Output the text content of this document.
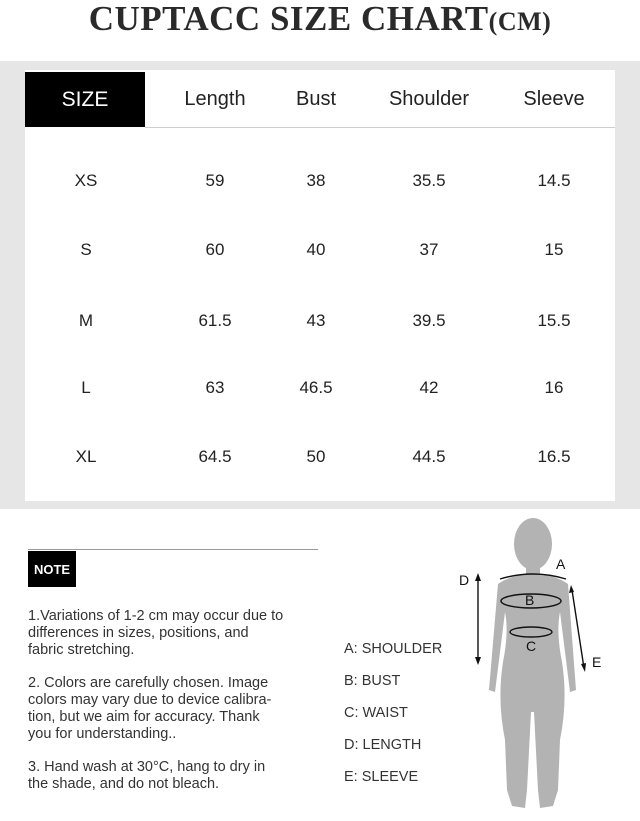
CUPTACC SIZE CHART(CM)
SIZE	Length	Bust	Shoulder	Sleeve
XS	59	38	35.5	14.5
S	60	40	37	15
M	61.5	43	39.5	15.5
L	63	46.5	42	16
XL	64.5	50	44.5	16.5
NOTE
1.Variations of 1-2 cm may occur due to
differences in sizes, positions, and
fabric stretching.
2. Colors are carefully chosen. Image
colors may vary due to device calibra-
tion, but we aim for accuracy. Thank
you for understanding..
3. Hand wash at 30°C, hang to dry in
the shade, and do not bleach.
A: SHOULDER
B: BUST
C: WAIST
D: LENGTH
E: SLEEVE
A
B
C
D
E
